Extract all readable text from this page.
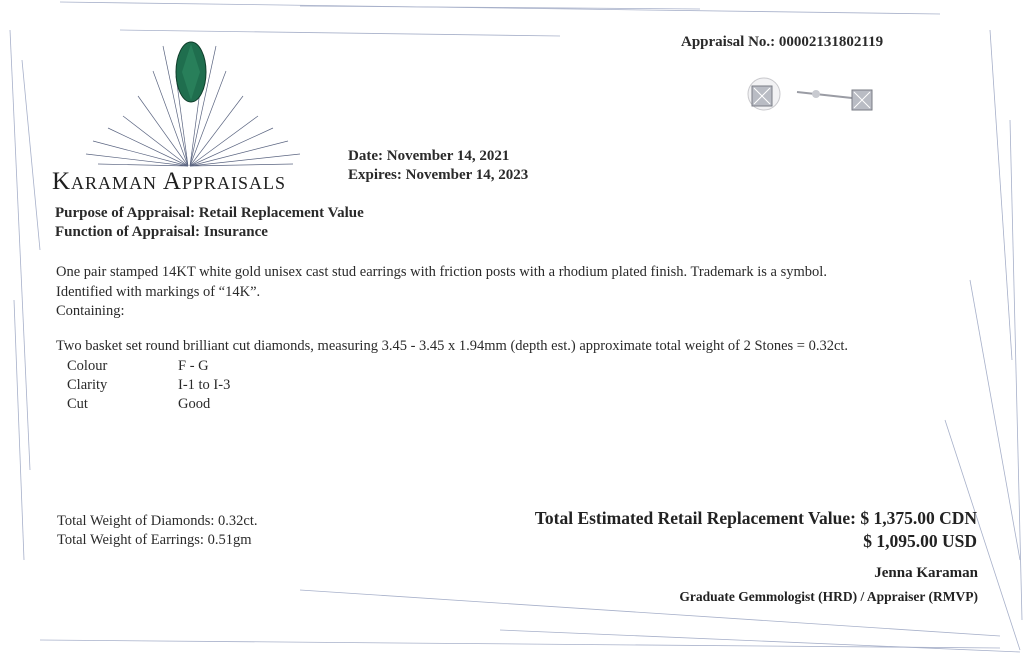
Karaman Appraisals
Appraisal No.: 00002131802119
Date: November 14, 2021
Expires: November 14, 2023
Purpose of Appraisal: Retail Replacement Value
Function of Appraisal: Insurance
One pair stamped 14KT white gold unisex cast stud earrings with friction posts with a rhodium plated finish. Trademark is a symbol.
Identified with markings of “14K”.
Containing:
Two basket set round brilliant cut diamonds, measuring 3.45 - 3.45 x 1.94mm (depth est.) approximate total weight of 2 Stones = 0.32ct.
Colour	F - G
Clarity	I-1 to I-3
Cut	Good
Total Weight of Diamonds: 0.32ct.
Total Weight of Earrings: 0.51gm
Total Estimated Retail Replacement Value: $ 1,375.00 CDN
$ 1,095.00 USD
Jenna Karaman
Graduate Gemmologist (HRD) / Appraiser (RMVP)
